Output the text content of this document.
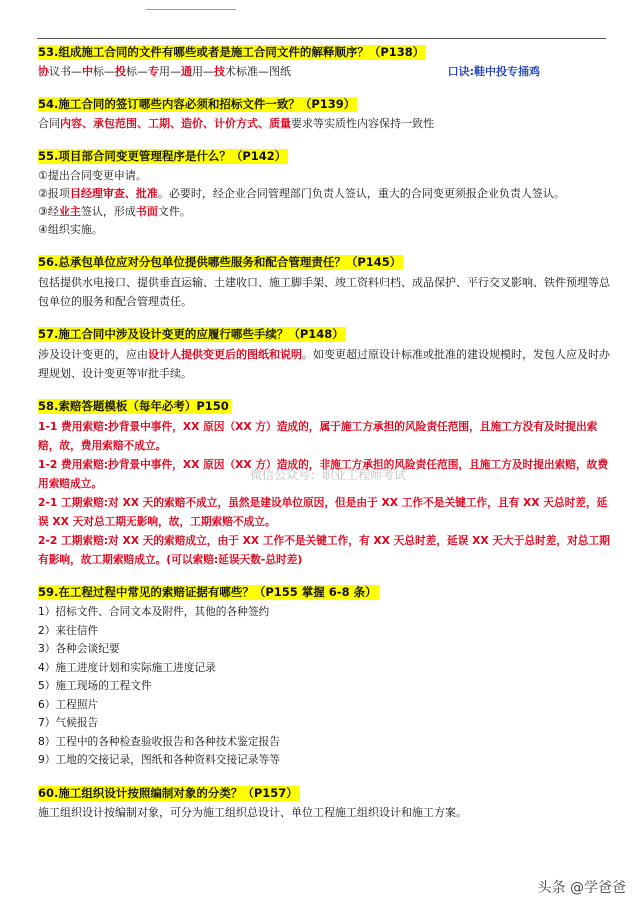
53.组成施工合同的文件有哪些或者是施工合同文件的解释顺序？（P138）
协议书—中标—投标—专用—通用—技术标准—图纸	口诀:鞋中投专捅鸡
54.施工合同的签订哪些内容必须和招标文件一致？（P139）
合同内容、承包范围、工期、造价、计价方式、质量要求等实质性内容保持一致性
55.项目部合同变更管理程序是什么？（P142）
①提出合同变更申请。
②报项目经理审查、批准。必要时，经企业合同管理部门负责人签认，重大的合同变更须报企业负责人签认。
③经业主签认，形成书面文件。
④组织实施。
56.总承包单位应对分包单位提供哪些服务和配合管理责任？（P145）
包括提供水电接口、提供垂直运输、土建收口、施工脚手架、竣工资料归档、成品保护、平行交叉影响、铁件预埋等总包单位的服务和配合管理责任。
57.施工合同中涉及设计变更的应履行哪些手续？（P148）
涉及设计变更的，应由设计人提供变更后的图纸和说明。如变更超过原设计标准或批准的建设规模时，发包人应及时办理规划、设计变更等审批手续。
58.索赔答题模板（每年必考）P150
1-1 费用索赔:抄背景中事件，XX 原因（XX 方）造成的，属于施工方承担的风险责任范围，且施工方没有及时提出索赔，故，费用索赔不成立。
1-2 费用索赔:抄背景中事件，XX 原因（XX 方）造成的，非施工方承担的风险责任范围，且施工方及时提出索赔，故费用索赔成立。
2-1 工期索赔:对 XX 天的索赔不成立，虽然是建设单位原因，但是由于 XX 工作不是关键工作，且有 XX 天总时差，延误 XX 天对总工期无影响，故，工期索赔不成立。
2-2 工期索赔:对 XX 天的索赔成立，由于 XX 工作不是关键工作，有 XX 天总时差，延误 XX 天大于总时差，对总工期有影响，故工期索赔成立。(可以索赔:延误天数-总时差)
59.在工程过程中常见的索赔证据有哪些？（P155 掌握 6-8 条）
1）招标文件、合同文本及附件，其他的各种签约
2）来往信件
3）各种会谈纪要
4）施工进度计划和实际施工进度记录
5）施工现场的工程文件
6）工程照片
7）气候报告
8）工程中的各种检查验收报告和各种技术鉴定报告
9）工地的交接记录，图纸和各种资料交接记录等等
60.施工组织设计按照编制对象的分类？（P157）
施工组织设计按编制对象，可分为施工组织总设计、单位工程施工组织设计和施工方案。
微信公众号：职业工程师考试
头条 @学爸爸
